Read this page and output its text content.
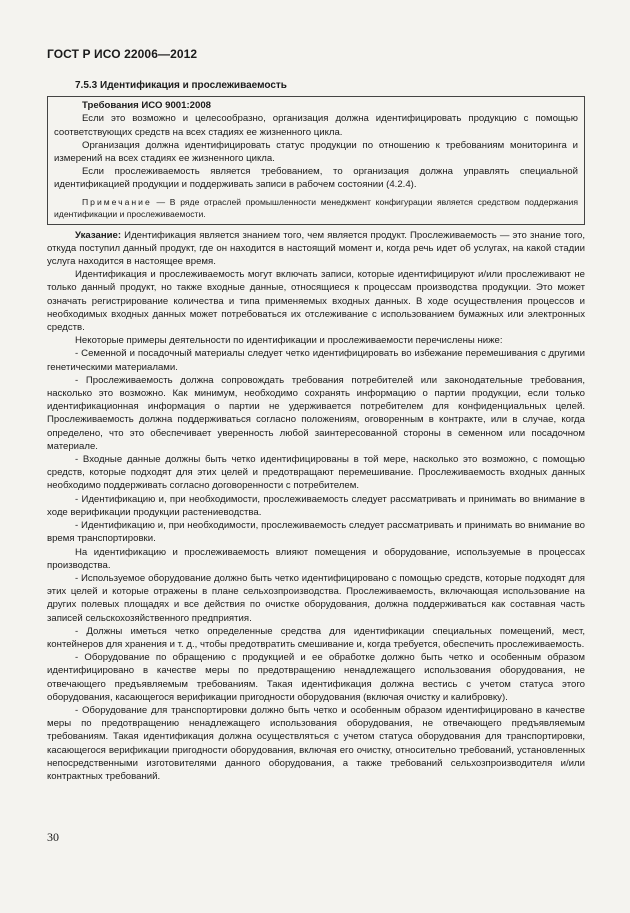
ГОСТ Р ИСО 22006—2012
7.5.3 Идентификация и прослеживаемость
Требования ИСО 9001:2008

Если это возможно и целесообразно, организация должна идентифицировать продукцию с помощью соответствующих средств на всех стадиях ее жизненного цикла.

Организация должна идентифицировать статус продукции по отношению к требованиям мониторинга и измерений на всех стадиях ее жизненного цикла.

Если прослеживаемость является требованием, то организация должна управлять специальной идентификацией продукции и поддерживать записи в рабочем состоянии (4.2.4).

Примечание — В ряде отраслей промышленности менеджмент конфигурации является средством поддержания идентификации и прослеживаемости.

Указание: Идентификация является знанием того, чем является продукт. Прослеживаемость — это знание того, откуда поступил данный продукт, где он находится в настоящий момент и, когда речь идет об услугах, на какой стадии услуга находится в настоящее время.

Идентификация и прослеживаемость могут включать записи, которые идентифицируют и/или прослеживают не только данный продукт, но также входные данные, относящиеся к процессам производства продукции. Это может означать регистрирование количества и типа применяемых входных данных. В ходе осуществления процессов и необходимых входных данных может потребоваться их отслеживание с использованием бумажных или электронных средств.

Некоторые примеры деятельности по идентификации и прослеживаемости перечислены ниже:

- Семенной и посадочный материалы следует четко идентифицировать во избежание перемешивания с другими генетическими материалами.

- Прослеживаемость должна сопровождать требования потребителей или законодательные требования, насколько это возможно. Как минимум, необходимо сохранять информацию о партии продукции, если только идентификационная информация о партии не удерживается потребителем для конфиденциальных целей. Прослеживаемость должна поддерживаться согласно положениям, оговоренным в контракте, или в случае, когда определено, что это обеспечивает уверенность любой заинтересованной стороны в семенном или посадочном материале.

- Входные данные должны быть четко идентифицированы в той мере, насколько это возможно, с помощью средств, которые подходят для этих целей и предотвращают перемешивание. Прослеживаемость входных данных необходимо поддерживать согласно договоренности с потребителем.

- Идентификацию и, при необходимости, прослеживаемость следует рассматривать и принимать во внимание в ходе верификации продукции растениеводства.

- Идентификацию и, при необходимости, прослеживаемость следует рассматривать и принимать во внимание во время транспортировки.

На идентификацию и прослеживаемость влияют помещения и оборудование, используемые в процессах производства.

- Используемое оборудование должно быть четко идентифицировано с помощью средств, которые подходят для этих целей и которые отражены в плане сельхозпроизводства. Прослеживаемость, включающая использование на других полевых площадях и все действия по очистке оборудования, должна поддерживаться как составная часть записей сельскохозяйственного предприятия.

- Должны иметься четко определенные средства для идентификации специальных помещений, мест, контейнеров для хранения и т. д., чтобы предотвратить смешивание и, когда требуется, обеспечить прослеживаемость.

- Оборудование по обращению с продукцией и ее обработке должно быть четко и особенным образом идентифицировано в качестве меры по предотвращению ненадлежащего использования оборудования, не отвечающего предъявляемым требованиям. Такая идентификация должна вестись с учетом статуса этого оборудования, касающегося верификации пригодности оборудования (включая очистку и калибровку).

- Оборудование для транспортировки должно быть четко и особенным образом идентифицировано в качестве меры по предотвращению ненадлежащего использования оборудования, не отвечающего предъявляемым требованиям. Такая идентификация должна осуществляться с учетом статуса оборудования для транспортировки, касающегося верификации пригодности оборудования, включая его очистку, относительно требований, установленных непосредственными изготовителями данного оборудования, а также требований сельхозпроизводителя и/или контрактных требований.

30
